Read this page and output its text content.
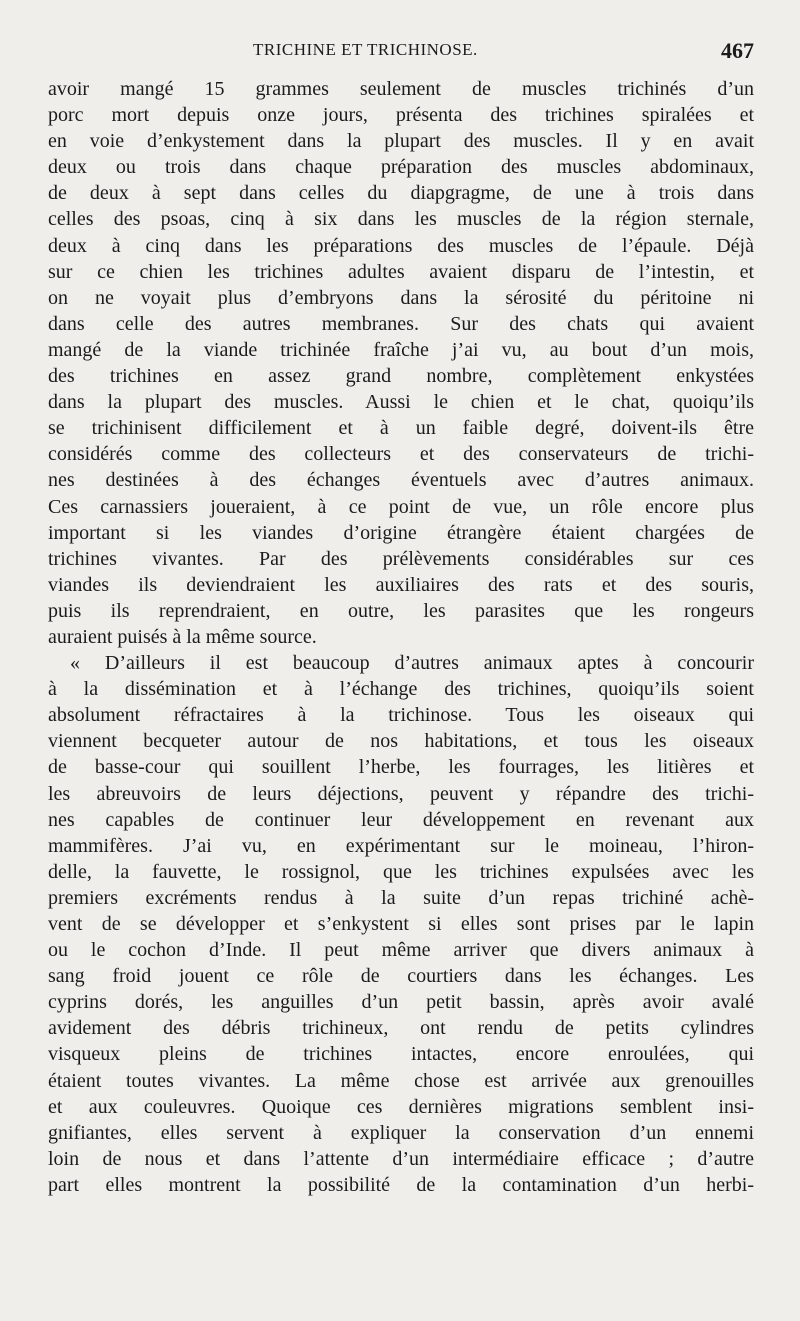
TRICHINE ET TRICHINOSE.	467
avoir mangé 15 grammes seulement de muscles trichinés d’un
porc mort depuis onze jours, présenta des trichines spiralées et
en voie d’enkystement dans la plupart des muscles. Il y en avait
deux ou trois dans chaque préparation des muscles abdominaux,
de deux à sept dans celles du diapgragme, de une à trois dans
celles des psoas, cinq à six dans les muscles de la région sternale,
deux à cinq dans les préparations des muscles de l’épaule. Déjà
sur ce chien les trichines adultes avaient disparu de l’intestin, et
on ne voyait plus d’embryons dans la sérosité du péritoine ni
dans celle des autres membranes. Sur des chats qui avaient
mangé de la viande trichinée fraîche j’ai vu, au bout d’un mois,
des trichines en assez grand nombre, complètement enkystées
dans la plupart des muscles. Aussi le chien et le chat, quoiqu’ils
se trichinisent difficilement et à un faible degré, doivent-ils être
considérés comme des collecteurs et des conservateurs de trichi-
nes destinées à des échanges éventuels avec d’autres animaux.
Ces carnassiers joueraient, à ce point de vue, un rôle encore plus
important si les viandes d’origine étrangère étaient chargées de
trichines vivantes. Par des prélèvements considérables sur ces
viandes ils deviendraient les auxiliaires des rats et des souris,
puis ils reprendraient, en outre, les parasites que les rongeurs
auraient puisés à la même source.
« D’ailleurs il est beaucoup d’autres animaux aptes à concourir
à la dissémination et à l’échange des trichines, quoiqu’ils soient
absolument réfractaires à la trichinose. Tous les oiseaux qui
viennent becqueter autour de nos habitations, et tous les oiseaux
de basse-cour qui souillent l’herbe, les fourrages, les litières et
les abreuvoirs de leurs déjections, peuvent y répandre des trichi-
nes capables de continuer leur développement en revenant aux
mammifères. J’ai vu, en expérimentant sur le moineau, l’hiron-
delle, la fauvette, le rossignol, que les trichines expulsées avec les
premiers excréments rendus à la suite d’un repas trichiné achè-
vent de se développer et s’enkystent si elles sont prises par le lapin
ou le cochon d’Inde. Il peut même arriver que divers animaux à
sang froid jouent ce rôle de courtiers dans les échanges. Les
cyprins dorés, les anguilles d’un petit bassin, après avoir avalé
avidement des débris trichineux, ont rendu de petits cylindres
visqueux pleins de trichines intactes, encore enroulées, qui
étaient toutes vivantes. La même chose est arrivée aux grenouilles
et aux couleuvres. Quoique ces dernières migrations semblent insi-
gnifiantes, elles servent à expliquer la conservation d’un ennemi
loin de nous et dans l’attente d’un intermédiaire efficace ; d’autre
part elles montrent la possibilité de la contamination d’un herbi-
